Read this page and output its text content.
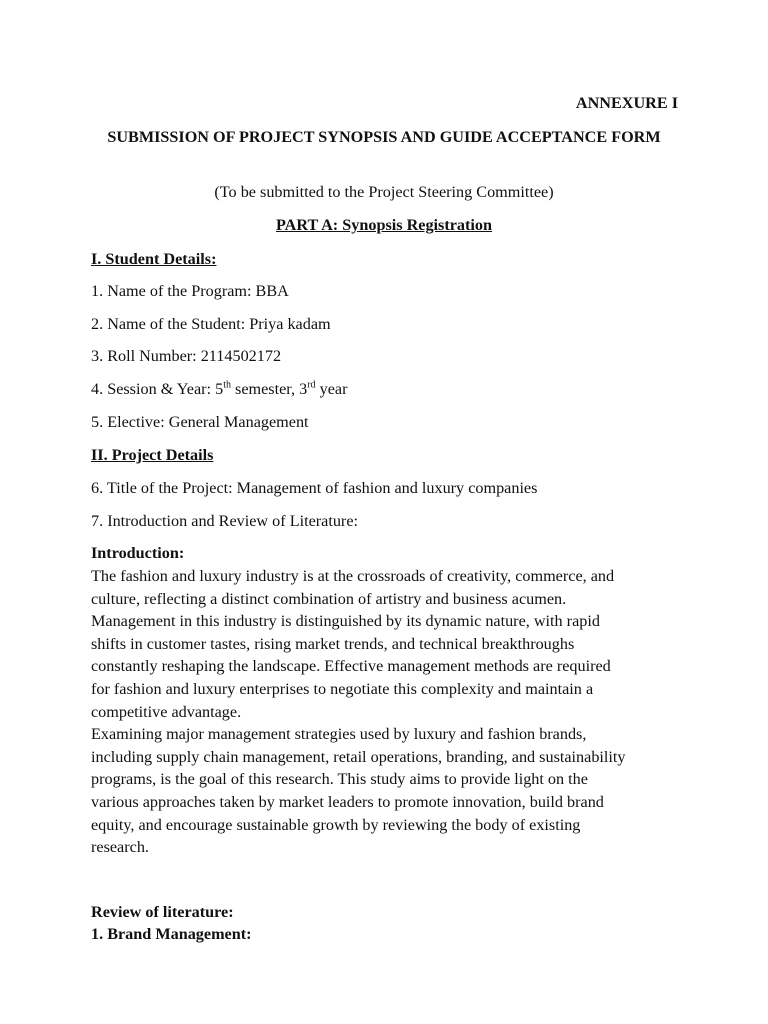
ANNEXURE I
SUBMISSION OF PROJECT SYNOPSIS AND GUIDE ACCEPTANCE FORM
(To be submitted to the Project Steering Committee)
PART A: Synopsis Registration
I. Student Details:
1. Name of the Program: BBA
2. Name of the Student: Priya kadam
3. Roll Number: 2114502172
4. Session & Year: 5th semester, 3rd year
5. Elective: General Management
II. Project Details
6. Title of the Project: Management of fashion and luxury companies
7. Introduction and Review of Literature:
Introduction:
The fashion and luxury industry is at the crossroads of creativity, commerce, and
culture, reflecting a distinct combination of artistry and business acumen.
Management in this industry is distinguished by its dynamic nature, with rapid
shifts in customer tastes, rising market trends, and technical breakthroughs
constantly reshaping the landscape. Effective management methods are required
for fashion and luxury enterprises to negotiate this complexity and maintain a
competitive advantage.
Examining major management strategies used by luxury and fashion brands,
including supply chain management, retail operations, branding, and sustainability
programs, is the goal of this research. This study aims to provide light on the
various approaches taken by market leaders to promote innovation, build brand
equity, and encourage sustainable growth by reviewing the body of existing
research.
Review of literature:
1. Brand Management:
